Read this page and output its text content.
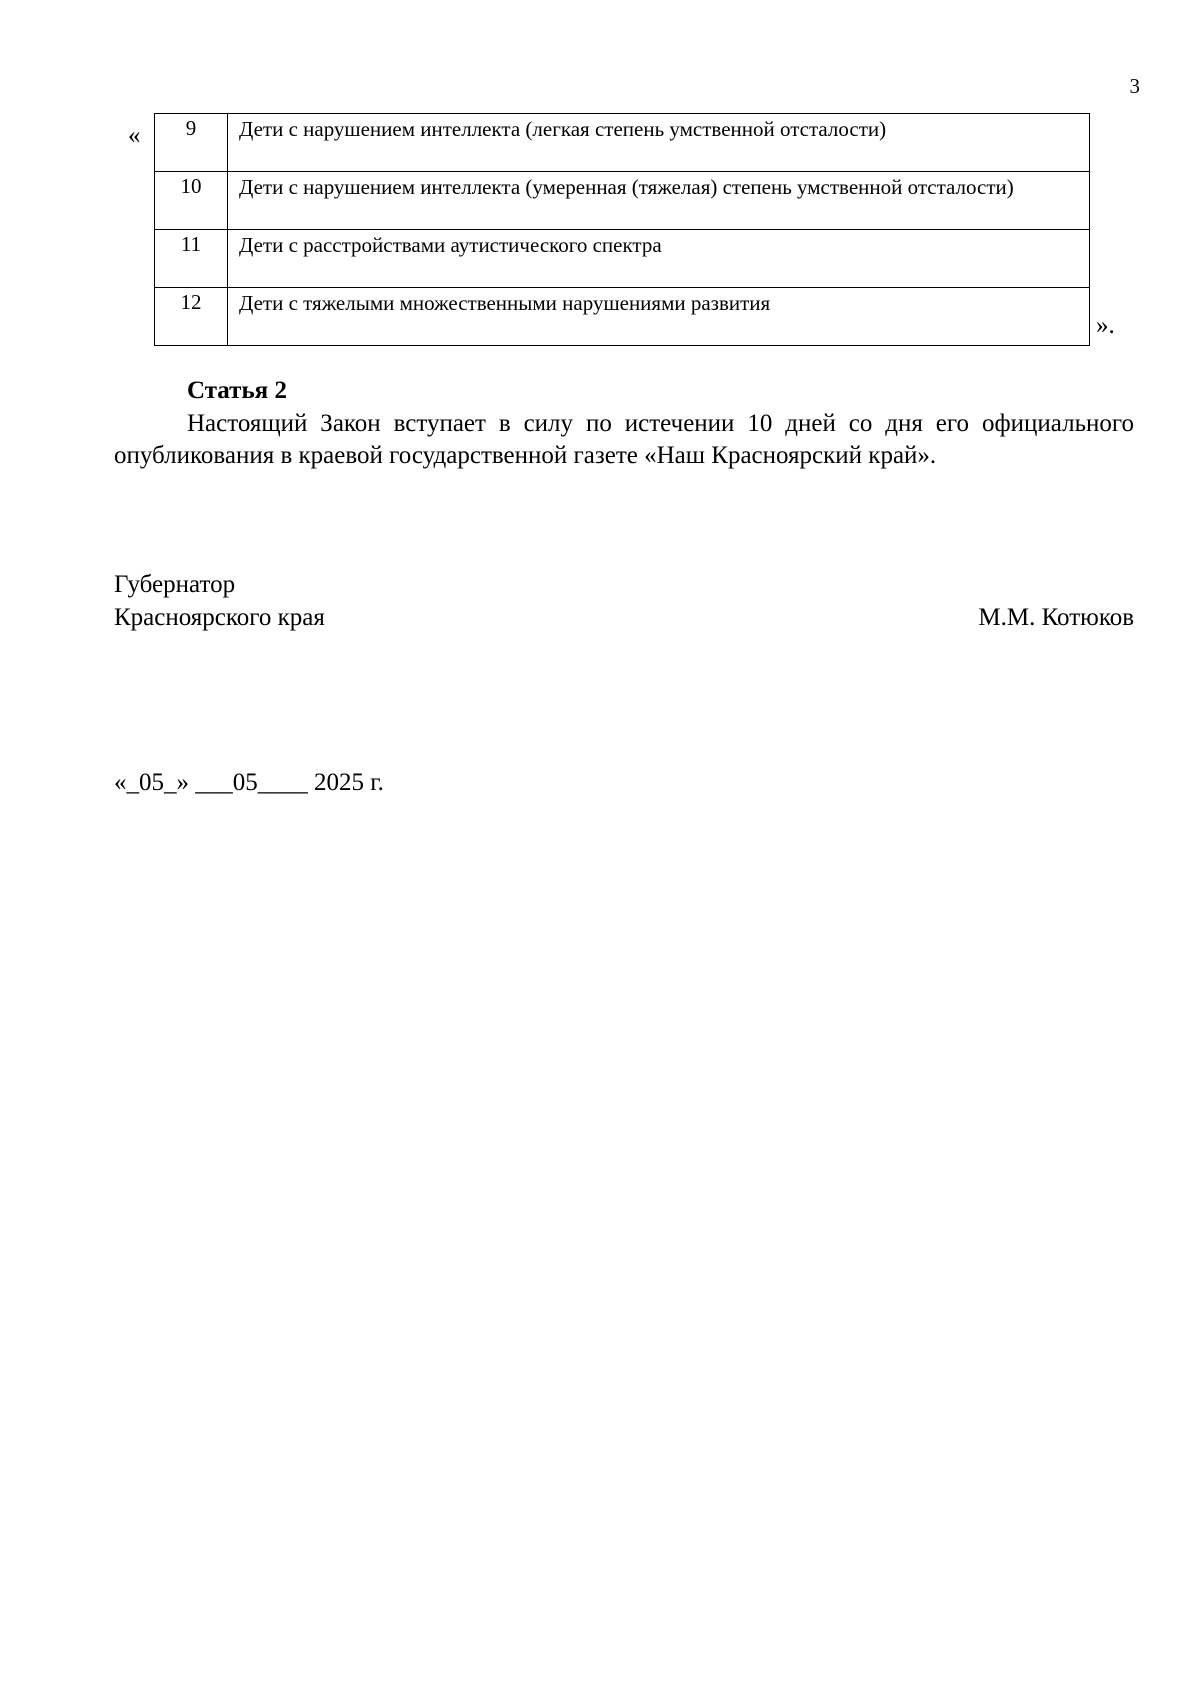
3
« 9	Дети с нарушением интеллекта (легкая степень умственной отсталости)
10	Дети с нарушением интеллекта (умеренная (тяжелая) степень умственной отсталости)
11	Дети с расстройствами аутистического спектра
12	Дети с тяжелыми множественными нарушениями развития
».
Статья 2

Настоящий Закон вступает в силу по истечении 10 дней со дня его официального опубликования в краевой государственной газете «Наш Красноярский край».

Губернатор
Красноярского края	М.М. Котюков
«_05_» ___05____ 2025 г.
